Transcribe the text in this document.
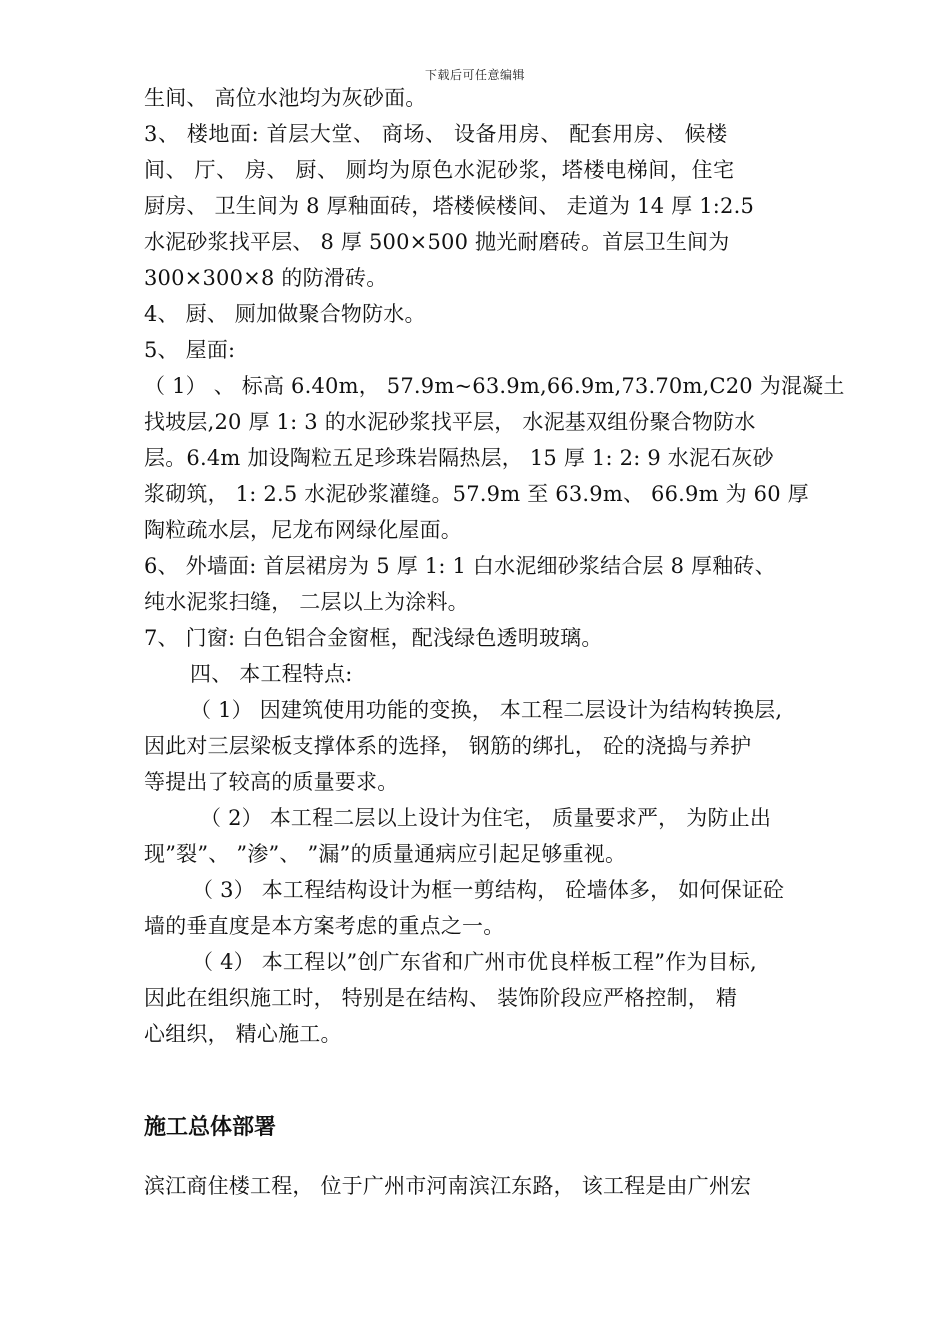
下载后可任意编辑
生间、 高位水池均为灰砂面。
3、 楼地面: 首层大堂、 商场、 设备用房、 配套用房、 候楼
间、 厅、 房、 厨、 厕均为原色水泥砂浆，塔楼电梯间，住宅
厨房、 卫生间为 8 厚釉面砖，塔楼候楼间、 走道为 14 厚 1:2.5
水泥砂浆找平层、 8 厚 500×500 抛光耐磨砖。首层卫生间为
300×300×8 的防滑砖。
4、 厨、 厕加做聚合物防水。
5、 屋面:
（ 1） 、 标高 6.40m， 57.9m~63.9m,66.9m,73.70m,C20 为混凝土
找坡层,20 厚 1: 3 的水泥砂浆找平层， 水泥基双组份聚合物防水
层。6.4m 加设陶粒五足珍珠岩隔热层， 15 厚 1: 2: 9 水泥石灰砂
浆砌筑， 1: 2.5 水泥砂浆灌缝。57.9m 至 63.9m、 66.9m 为 60 厚
陶粒疏水层，尼龙布网绿化屋面。
6、 外墙面: 首层裙房为 5 厚 1: 1 白水泥细砂浆结合层 8 厚釉砖、
纯水泥浆扫缝， 二层以上为涂料。
7、 门窗: 白色铝合金窗框，配浅绿色透明玻璃。
四、 本工程特点:
（ 1） 因建筑使用功能的变换， 本工程二层设计为结构转换层,
因此对三层梁板支撑体系的选择， 钢筋的绑扎， 砼的浇捣与养护
等提出了较高的质量要求。
（ 2） 本工程二层以上设计为住宅， 质量要求严， 为防止出
现”裂”、 ”渗”、 ”漏”的质量通病应引起足够重视。
（ 3） 本工程结构设计为框一剪结构， 砼墙体多， 如何保证砼
墙的垂直度是本方案考虑的重点之一。
（ 4） 本工程以”创广东省和广州市优良样板工程”作为目标,
因此在组织施工时， 特别是在结构、 装饰阶段应严格控制， 精
心组织， 精心施工。
施工总体部署
滨江商住楼工程， 位于广州市河南滨江东路， 该工程是由广州宏
